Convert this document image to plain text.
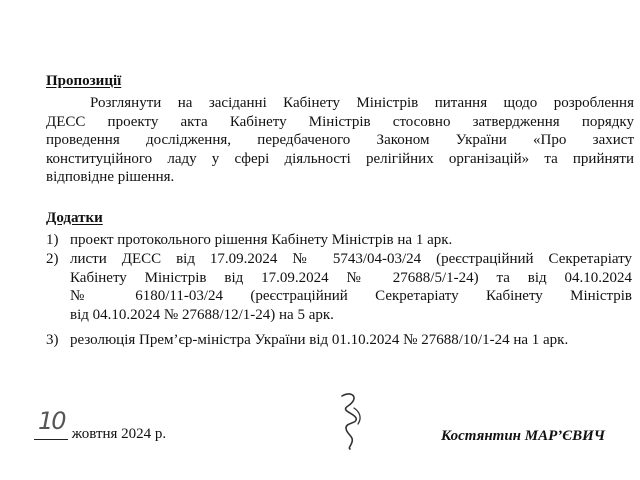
Пропозиції
Розглянути на засіданні Кабінету Міністрів питання щодо розроблення
ДЕСС проекту акта Кабінету Міністрів стосовно затвердження порядку
проведення дослідження, передбаченого Законом України «Про захист
конституційного ладу у сфері діяльності релігійних організацій» та прийняти
відповідне рішення.
Додатки
1) проект протокольного рішення Кабінету Міністрів на 1 арк.
2) листи ДЕСС від 17.09.2024 № 5743/04-03/24 (реєстраційний Секретаріату
Кабінету Міністрів від 17.09.2024 № 27688/5/1-24) та від 04.10.2024
№ 6180/11-03/24 (реєстраційний Секретаріату Кабінету Міністрів
від 04.10.2024 № 27688/12/1-24) на 5 арк.
3) резолюція Прем’єр-міністра України від 01.10.2024 № 27688/10/1-24 на 1 арк.
10 жовтня 2024 р.	Костянтин МАР’ЄВИЧ
